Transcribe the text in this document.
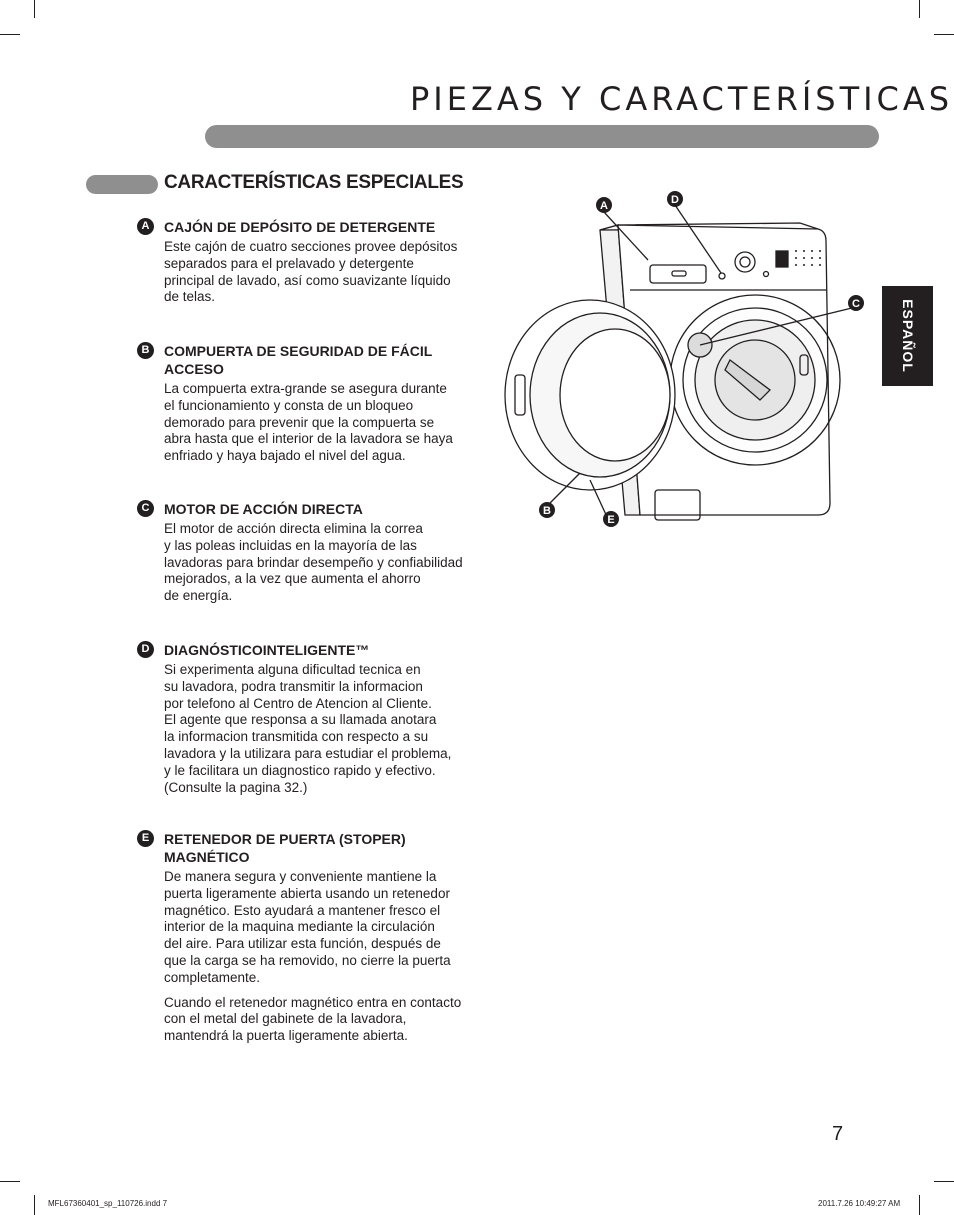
PIEZAS Y CARACTERÍSTICAS
CARACTERÍSTICAS ESPECIALES
A	CAJÓN DE DEPÓSITO DE DETERGENTE
Este cajón de cuatro secciones provee depósitos
separados para el prelavado y detergente
principal de lavado, así como suavizante líquido
de telas.
B	COMPUERTA DE SEGURIDAD DE FÁCIL
ACCESO
La compuerta extra-grande se asegura durante
el funcionamiento y consta de un bloqueo
demorado para prevenir que la compuerta se
abra hasta que el interior de la lavadora se haya
enfriado y haya bajado el nivel del agua.
C	MOTOR DE ACCIÓN DIRECTA
El motor de acción directa elimina la correa
y las poleas incluidas en la mayoría de las
lavadoras para brindar desempeño y confiabilidad
mejorados, a la vez que aumenta el ahorro
de energía.
D	DIAGNÓSTICOINTELIGENTE™
Si experimenta alguna dificultad tecnica en
su lavadora, podra transmitir la informacion
por telefono al Centro de Atencion al Cliente.
El agente que responsa a su llamada anotara
la informacion transmitida con respecto a su
lavadora y la utilizara para estudiar el problema,
y le facilitara un diagnostico rapido y efectivo.
(Consulte la pagina 32.)
E	RETENEDOR DE PUERTA (STOPER)
MAGNÉTICO
De manera segura y conveniente mantiene la
puerta ligeramente abierta usando un retenedor
magnético. Esto ayudará a mantener fresco el
interior de la maquina mediante la circulación
del aire. Para utilizar esta función, después de
que la carga se ha removido, no cierre la puerta
completamente.
Cuando el retenedor magnético entra en contacto
con el metal del gabinete de la lavadora,
mantendrá la puerta ligeramente abierta.
ESPAÑOL
A	D
C
B
E
7
MFL67360401_sp_110726.indd 7	2011.7.26 10:49:27 AM
